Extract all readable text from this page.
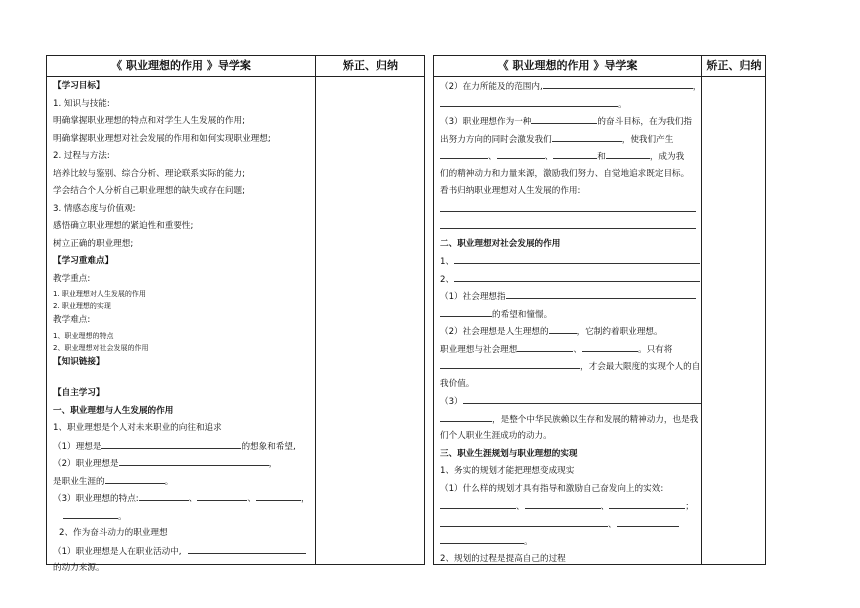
《 职业理想的作用 》导学案	矫正、归纳
【学习目标】
1. 知识与技能:
明确掌握职业理想的特点和对学生人生发展的作用;
明确掌握职业理想对社会发展的作用和如何实现职业理想;
2. 过程与方法:
培养比较与鉴别、综合分析、理论联系实际的能力;
学会结合个人分析自己职业理想的缺失或存在问题;
3. 情感态度与价值观:
感悟确立职业理想的紧迫性和重要性;
树立正确的职业理想;
【学习重难点】
教学重点:
1. 职业理想对人生发展的作用
2. 职业理想的实现
教学难点:
1、职业理想的特点
2、职业理想对社会发展的作用
【知识链接】
【自主学习】
一、职业理想与人生发展的作用
1、职业理想是个人对未来职业的向往和追求
（1）理想是	的想象和希望,
（2）职业理想是	，
是职业生涯的	。
（3）职业理想的特点:	、	、	，
。
2、作为奋斗动力的职业理想
（1）职业理想是人在职业活动中,
的动力来源。
《 职业理想的作用 》导学案	矫正、归纳
（2）在力所能及的范围内,	，
。
（3）职业理想作为一种	的奋斗目标，在为我们指
出努力方向的同时会激发我们	，使我们产生
、	、	和	，成为我
们的精神动力和力量来源，激励我们努力、自觉地追求既定目标。
看书归纳职业理想对人生发展的作用:
二、职业理想对社会发展的作用
1、
2、
（1）社会理想指
的希望和憧憬。
（2）社会理想是人生理想的	，它制约着职业理想。
职业理想与社会理想	、	。只有将
，才会最大限度的实现个人的自
我价值。
（3）
，是整个中华民族赖以生存和发展的精神动力，也是我
们个人职业生涯成功的动力。
三、职业生涯规划与职业理想的实现
1、务实的规划才能把理想变成现实
（1）什么样的规划才具有指导和激励自己奋发向上的实效:
、	、	；
、
。
2、规划的过程是提高自己的过程
